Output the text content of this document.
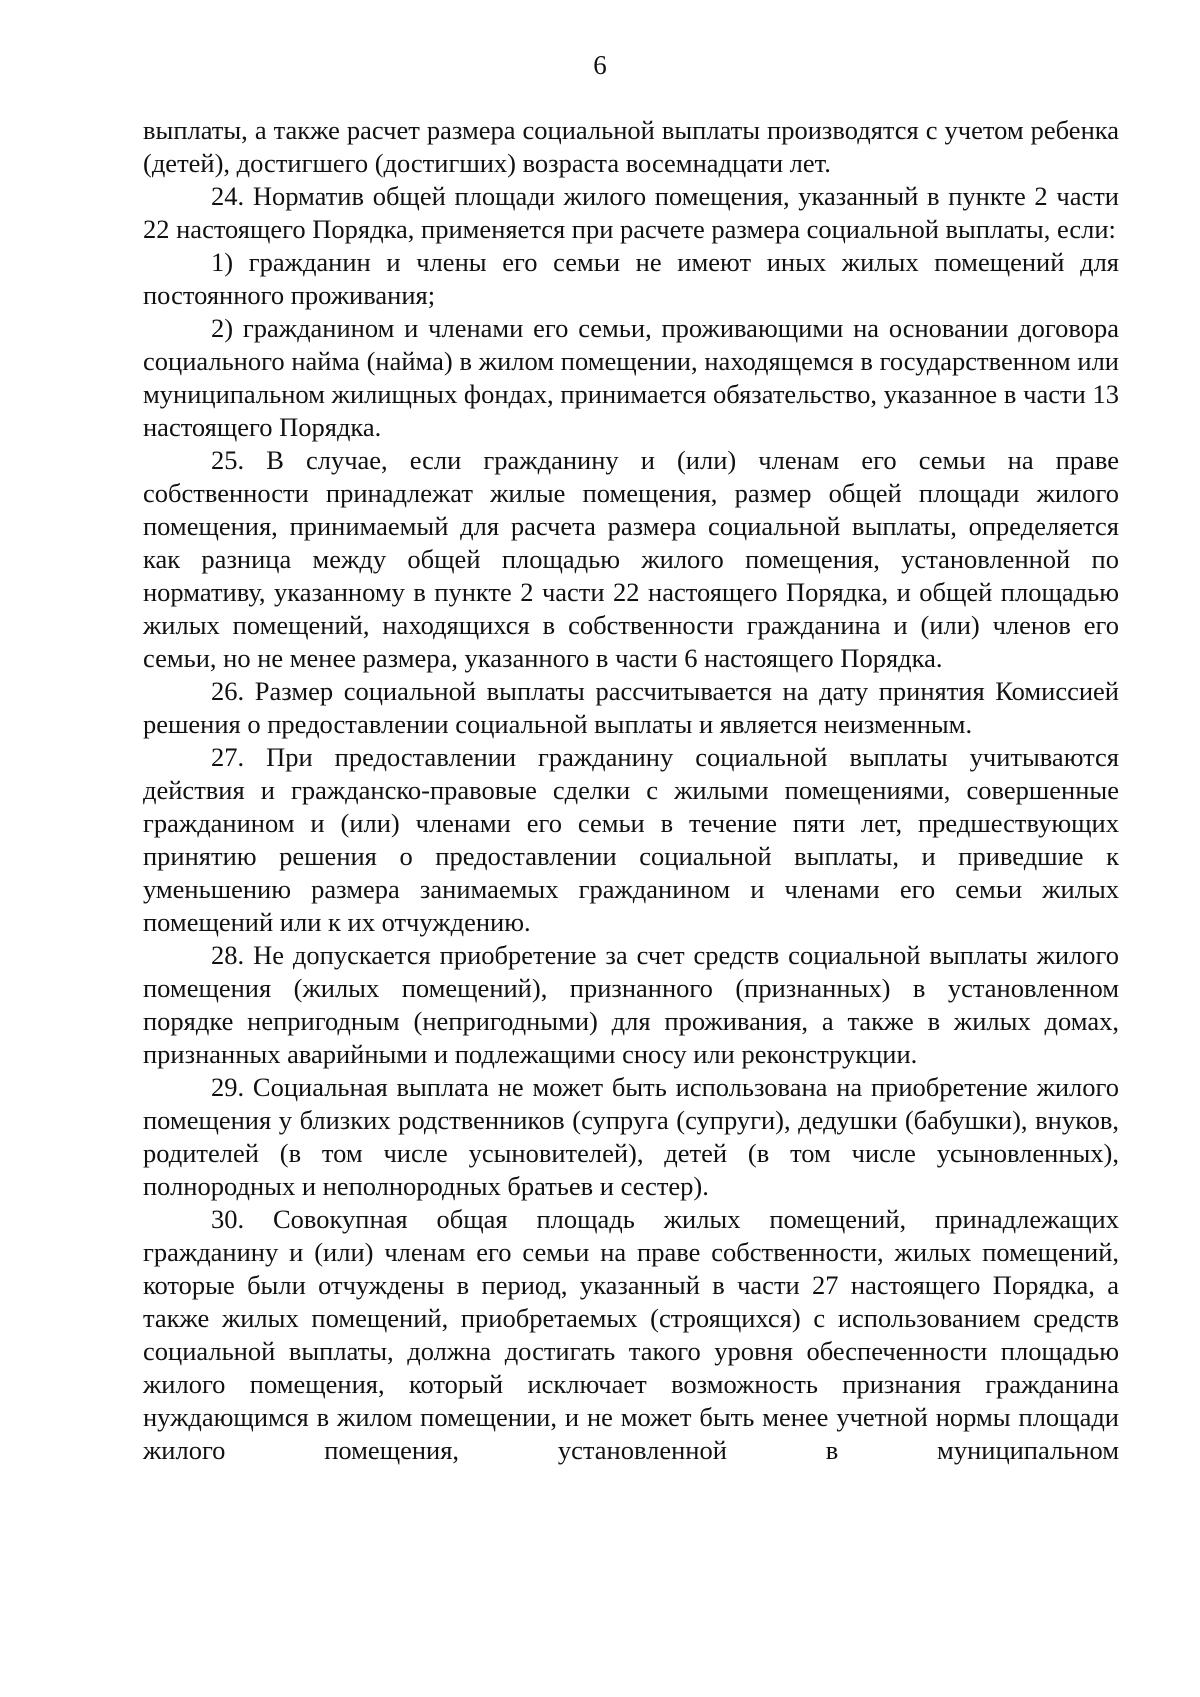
6

выплаты, а также расчет размера социальной выплаты производятся с учетом ребенка (детей), достигшего (достигших) возраста восемнадцати лет.

24. Норматив общей площади жилого помещения, указанный в пункте 2 части 22 настоящего Порядка, применяется при расчете размера социальной выплаты, если:

1) гражданин и члены его семьи не имеют иных жилых помещений для постоянного проживания;

2) гражданином и членами его семьи, проживающими на основании договора социального найма (найма) в жилом помещении, находящемся в государственном или муниципальном жилищных фондах, принимается обязательство, указанное в части 13 настоящего Порядка.

25. В случае, если гражданину и (или) членам его семьи на праве собственности принадлежат жилые помещения, размер общей площади жилого помещения, принимаемый для расчета размера социальной выплаты, определяется как разница между общей площадью жилого помещения, установленной по нормативу, указанному в пункте 2 части 22 настоящего Порядка, и общей площадью жилых помещений, находящихся в собственности гражданина и (или) членов его семьи, но не менее размера, указанного в части 6 настоящего Порядка.

26. Размер социальной выплаты рассчитывается на дату принятия Комиссией решения о предоставлении социальной выплаты и является неизменным.

27. При предоставлении гражданину социальной выплаты учитываются действия и гражданско-правовые сделки с жилыми помещениями, совершенные гражданином и (или) членами его семьи в течение пяти лет, предшествующих принятию решения о предоставлении социальной выплаты, и приведшие к уменьшению размера занимаемых гражданином и членами его семьи жилых помещений или к их отчуждению.

28. Не допускается приобретение за счет средств социальной выплаты жилого помещения (жилых помещений), признанного (признанных) в установленном порядке непригодным (непригодными) для проживания, а также в жилых домах, признанных аварийными и подлежащими сносу или реконструкции.

29. Социальная выплата не может быть использована на приобретение жилого помещения у близких родственников (супруга (супруги), дедушки (бабушки), внуков, родителей (в том числе усыновителей), детей (в том числе усыновленных), полнородных и неполнородных братьев и сестер).

30. Совокупная общая площадь жилых помещений, принадлежащих гражданину и (или) членам его семьи на праве собственности, жилых помещений, которые были отчуждены в период, указанный в части 27 настоящего Порядка, а также жилых помещений, приобретаемых (строящихся) с использованием средств социальной выплаты, должна достигать такого уровня обеспеченности площадью жилого помещения, который исключает возможность признания гражданина нуждающимся в жилом помещении, и не может быть менее учетной нормы площади жилого помещения, установленной в муниципальном
